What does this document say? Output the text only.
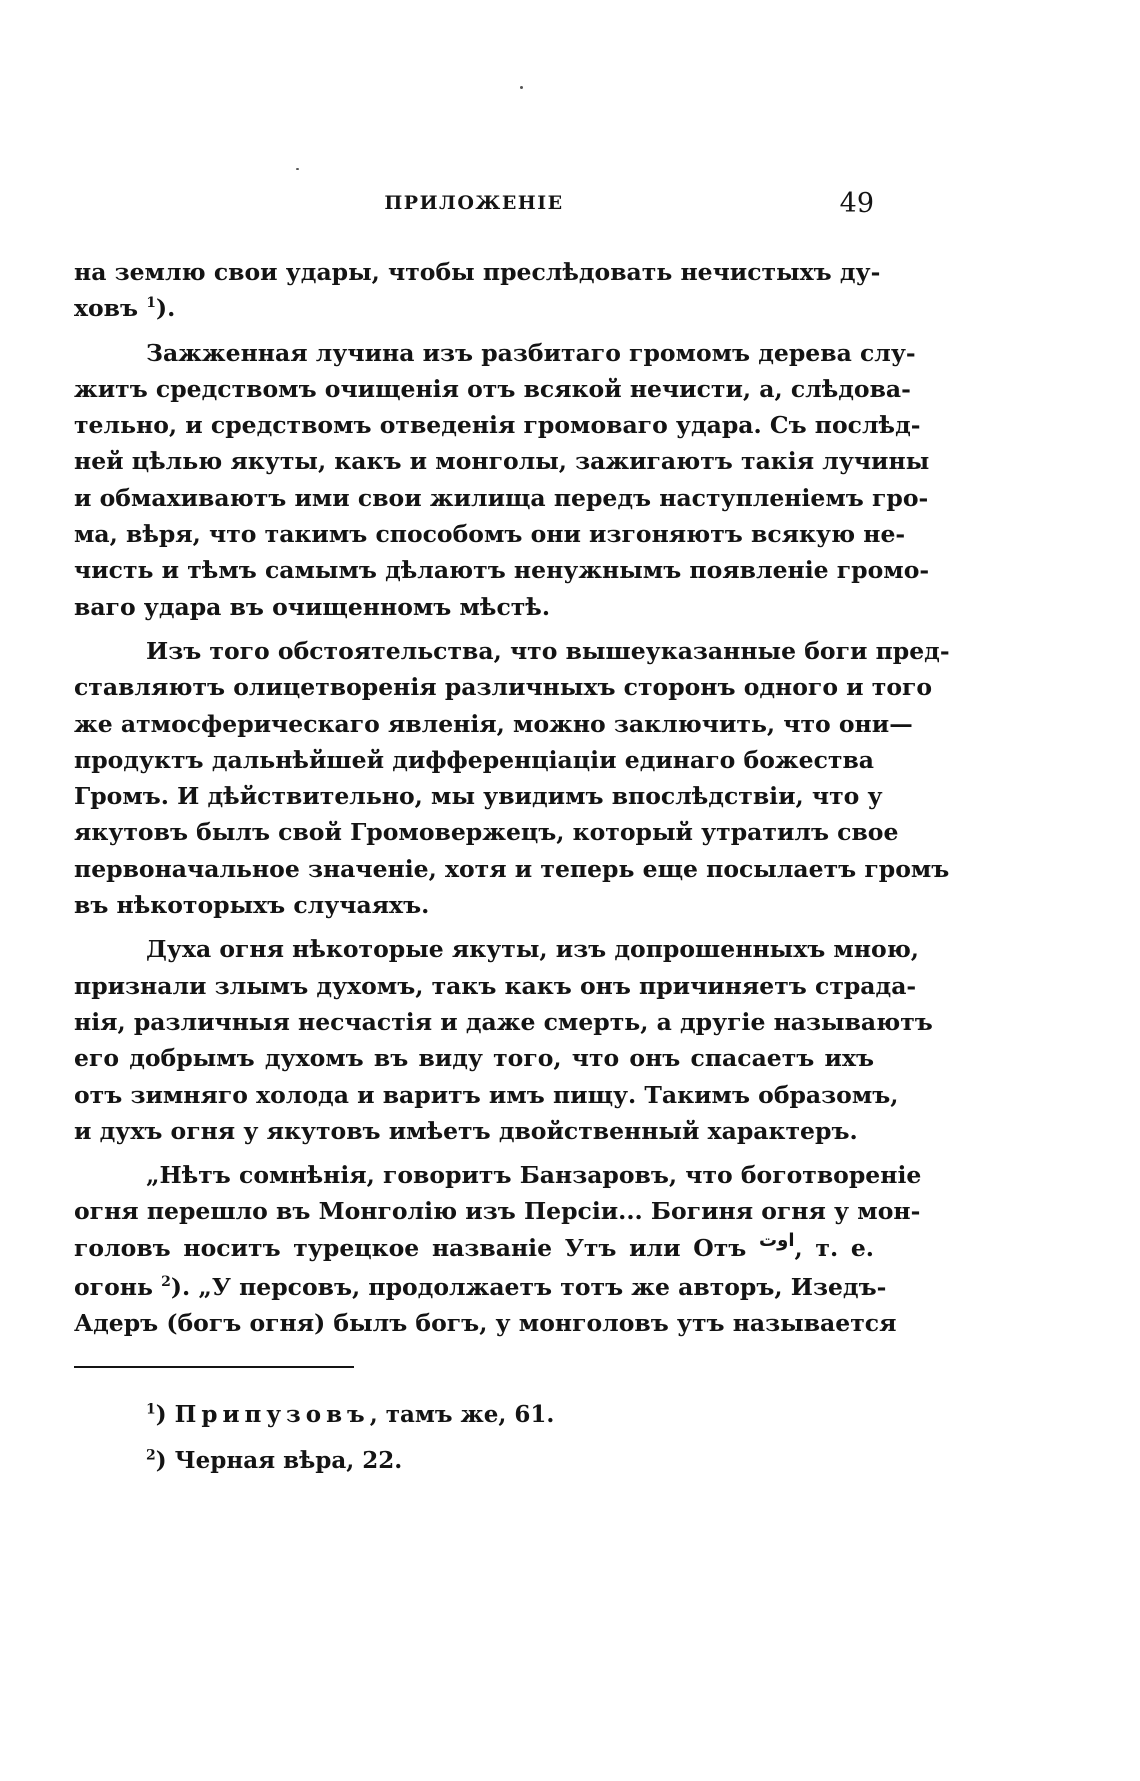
ПРИЛОЖЕНІЕ	49
на землю свои удары, чтобы преслѣдовать нечистыхъ ду-
ховъ $^1$).
Зажженная лучина изъ разбитаго громомъ дерева слу-
житъ средствомъ очищенія отъ всякой нечисти, а, слѣдова-
тельно, и средствомъ отведенія громоваго удара. Съ послѣд-
ней цѣлью якуты, какъ и монголы, зажигаютъ такія лучины
и обмахиваютъ ими свои жилища передъ наступленіемъ гро-
ма, вѣря, что такимъ способомъ они изгоняютъ всякую не-
чисть и тѣмъ самымъ дѣлаютъ ненужнымъ появленіе громо-
ваго удара въ очищенномъ мѣстѣ.
Изъ того обстоятельства, что вышеуказанные боги пред-
ставляютъ олицетворенія различныхъ сторонъ одного и того
же атмосферическаго явленія, можно заключить, что они—
продуктъ дальнѣйшей дифференціаціи единаго божества
Громъ. И дѣйствительно, мы увидимъ впослѣдствіи, что у
якутовъ былъ свой Громовержецъ, который утратилъ свое
первоначальное значеніе, хотя и теперь еще посылаетъ громъ
въ нѣкоторыхъ случаяхъ.
Духа огня нѣкоторые якуты, изъ допрошенныхъ мною,
признали злымъ духомъ, такъ какъ онъ причиняетъ страда-
нія, различныя несчастія и даже смерть, а другіе называютъ
его добрымъ духомъ въ виду того, что онъ спасаетъ ихъ
отъ зимняго холода и варитъ имъ пищу. Такимъ образомъ,
и духъ огня у якутовъ имѣетъ двойственный характеръ.
„Нѣтъ сомнѣнія, говоритъ Банзаровъ, что боготвореніе
огня перешло въ Монголію изъ Персіи... Богиня огня у мон-
головъ носитъ турецкое названіе Утъ или Отъ $^{اوت}$, т. е.
огонь $^2$). „У персовъ, продолжаетъ тотъ же авторъ, Изедъ-
Адеръ (богъ огня) былъ богъ, у монголовъ утъ называется
$^1$) Припузовъ, тамъ же, 61.
$^2$) Черная вѣра, 22.
